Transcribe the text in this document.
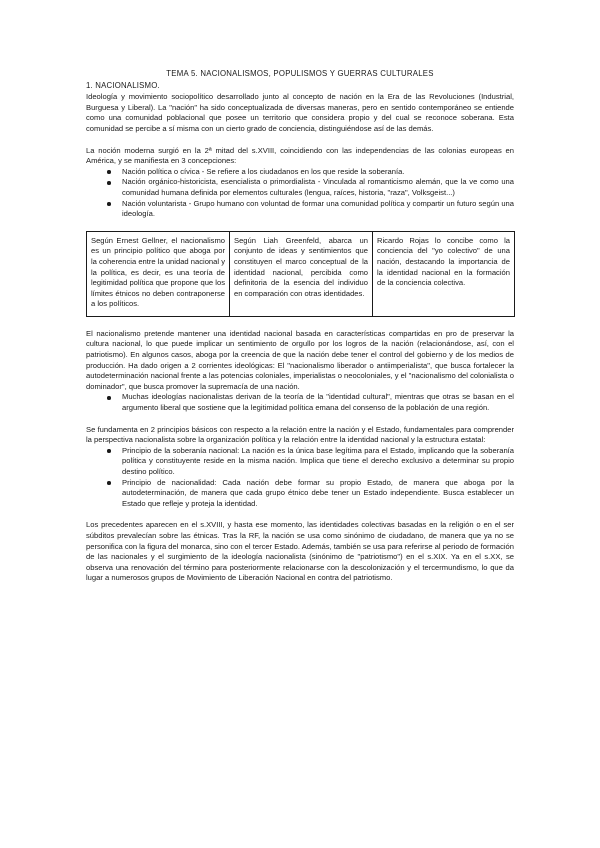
TEMA 5. NACIONALISMOS, POPULISMOS Y GUERRAS CULTURALES
1. NACIONALISMO.

Ideología y movimiento sociopolítico desarrollado junto al concepto de nación en la Era de las Revoluciones (Industrial, Burguesa y Liberal). La "nación" ha sido conceptualizada de diversas maneras, pero en sentido contemporáneo se entiende como una comunidad poblacional que posee un territorio que considera propio y del cual se reconoce soberana. Esta comunidad se percibe a sí misma con un cierto grado de conciencia, distinguiéndose así de las demás.

La noción moderna surgió en la 2ª mitad del s.XVIII, coincidiendo con las independencias de las colonias europeas en América, y se manifiesta en 3 concepciones:

Nación política o cívica - Se refiere a los ciudadanos en los que reside la soberanía.
Nación orgánico-historicista, esencialista o primordialista - Vinculada al romanticismo alemán, que la ve como una comunidad humana definida por elementos culturales (lengua, raíces, historia, "raza", Volksgeist...)
Nación voluntarista - Grupo humano con voluntad de formar una comunidad política y compartir un futuro según una ideología.
Según Ernest Gellner, el nacionalismo es un principio político que aboga por la coherencia entre la unidad nacional y la política, es decir, es una teoría de legitimidad política que propone que los límites étnicos no deben contraponerse a los políticos.	Según Liah Greenfeld, abarca un conjunto de ideas y sentimientos que constituyen el marco conceptual de la identidad nacional, percibida como definitoria de la esencia del individuo en comparación con otras identidades.	Ricardo Rojas lo concibe como la conciencia del "yo colectivo" de una nación, destacando la importancia de la identidad nacional en la formación de la conciencia colectiva.

El nacionalismo pretende mantener una identidad nacional basada en características compartidas en pro de preservar la cultura nacional, lo que puede implicar un sentimiento de orgullo por los logros de la nación (relacionándose, así, con el patriotismo). En algunos casos, aboga por la creencia de que la nación debe tener el control del gobierno y de los medios de producción. Ha dado origen a 2 corrientes ideológicas: El "nacionalismo liberador o antiimperialista", que busca fortalecer la autodeterminación nacional frente a las potencias coloniales, imperialistas o neocoloniales, y el "nacionalismo del colonialista o dominador", que busca promover la supremacía de una nación.

Muchas ideologías nacionalistas derivan de la teoría de la "identidad cultural", mientras que otras se basan en el argumento liberal que sostiene que la legitimidad política emana del consenso de la población de una región.

Se fundamenta en 2 principios básicos con respecto a la relación entre la nación y el Estado, fundamentales para comprender la perspectiva nacionalista sobre la organización política y la relación entre la identidad nacional y la estructura estatal:

Principio de la soberanía nacional: La nación es la única base legítima para el Estado, implicando que la soberanía política y constituyente reside en la misma nación. Implica que tiene el derecho exclusivo a determinar su propio destino político.
Principio de nacionalidad: Cada nación debe formar su propio Estado, de manera que aboga por la autodeterminación, de manera que cada grupo étnico debe tener un Estado independiente. Busca establecer un Estado que refleje y proteja la identidad.

Los precedentes aparecen en el s.XVIII, y hasta ese momento, las identidades colectivas basadas en la religión o en el ser súbditos prevalecían sobre las étnicas. Tras la RF, la nación se usa como sinónimo de ciudadano, de manera que ya no se personifica con la figura del monarca, sino con el tercer Estado. Además, también se usa para referirse al periodo de formación de las nacionales y el surgimiento de la ideología nacionalista (sinónimo de "patriotismo") en el s.XIX. Ya en el s.XX, se observa una renovación del término para posteriormente relacionarse con la descolonización y el tercermundismo, lo que da lugar a numerosos grupos de Movimiento de Liberación Nacional en contra del patriotismo.
